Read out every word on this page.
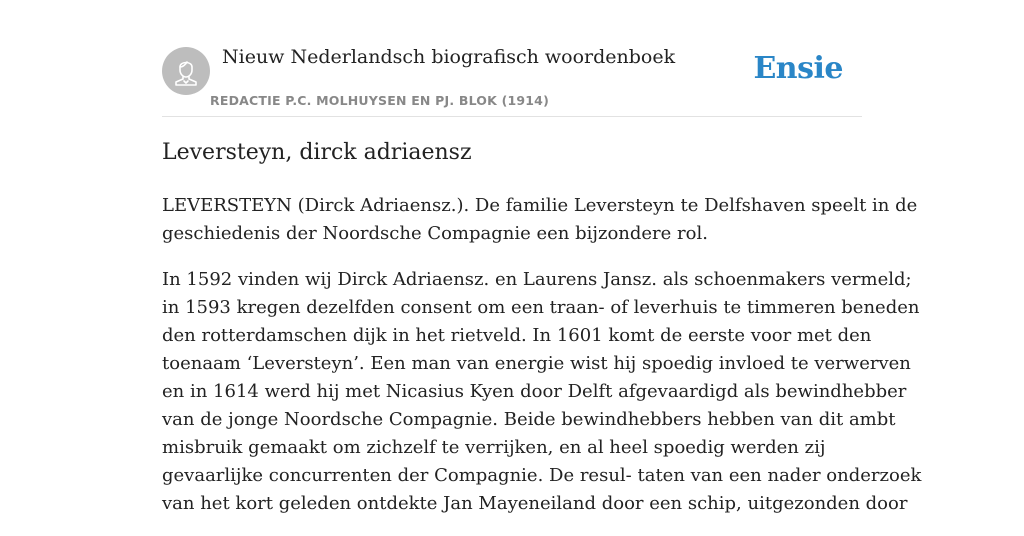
Nieuw Nederlandsch biografisch woordenboek
REDACTIE P.C. MOLHUYSEN EN PJ. BLOK (1914)
Ensie
Leversteyn, dirck adriaensz

LEVERSTEYN (Dirck Adriaensz.). De familie Leversteyn te Delfshaven speelt in de
geschiedenis der Noordsche Compagnie een bijzondere rol.

In 1592 vinden wij Dirck Adriaensz. en Laurens Jansz. als schoenmakers vermeld;
in 1593 kregen dezelfden consent om een traan- of leverhuis te timmeren beneden
den rotterdamschen dijk in het rietveld. In 1601 komt de eerste voor met den
toenaam ‘Leversteyn’. Een man van energie wist hij spoedig invloed te verwerven
en in 1614 werd hij met Nicasius Kyen door Delft afgevaardigd als bewindhebber
van de jonge Noordsche Compagnie. Beide bewindhebbers hebben van dit ambt
misbruik gemaakt om zichzelf te verrijken, en al heel spoedig werden zij
gevaarlijke concurrenten der Compagnie. De resul- taten van een nader onderzoek
van het kort geleden ontdekte Jan Mayeneiland door een schip, uitgezonden door
